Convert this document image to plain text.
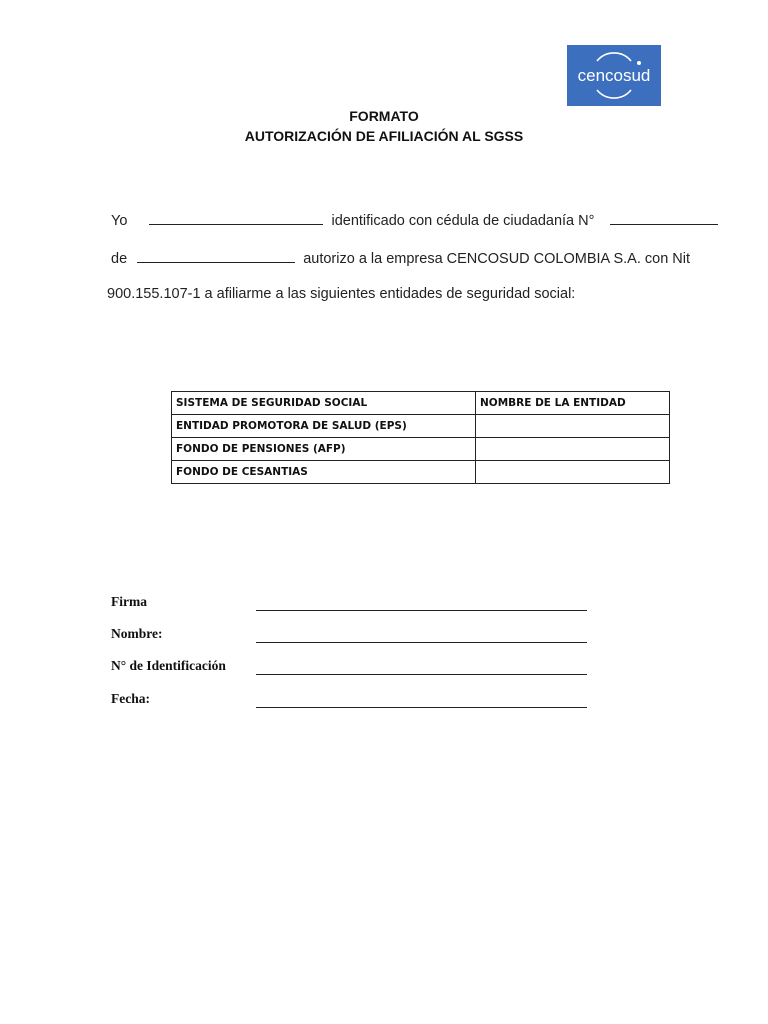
cencosud
FORMATO
AUTORIZACIÓN DE AFILIACIÓN AL SGSS
Yo	identificado con cédula de ciudadanía N°
de	autorizo a la empresa CENCOSUD COLOMBIA S.A. con Nit
900.155.107-1 a afiliarme a las siguientes entidades de seguridad social:
SISTEMA DE SEGURIDAD SOCIAL	NOMBRE DE LA ENTIDAD
ENTIDAD PROMOTORA DE SALUD (EPS)	
FONDO DE PENSIONES (AFP)	
FONDO DE CESANTIAS	
Firma
Nombre:
N° de Identificación
Fecha:
